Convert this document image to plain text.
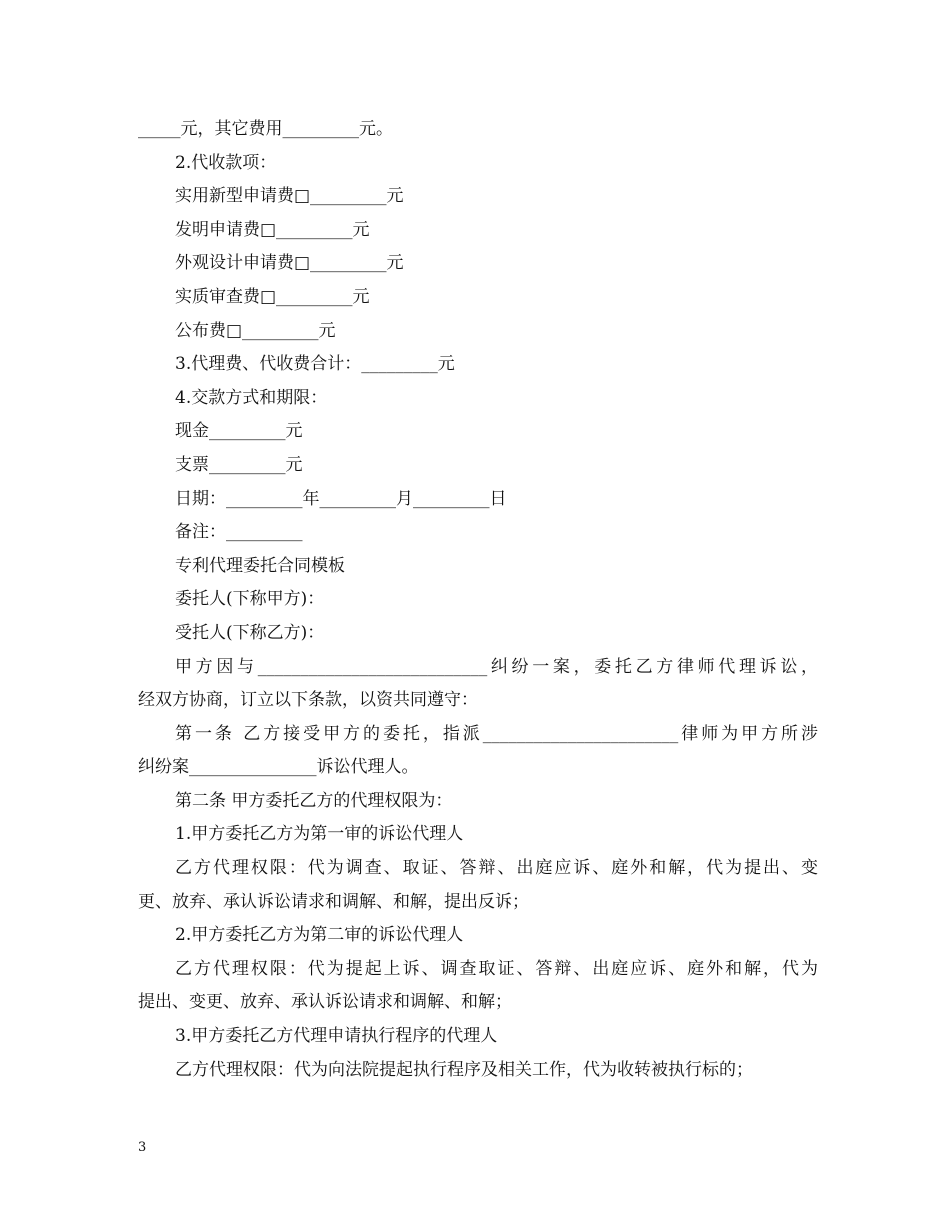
_____元，其它费用_________元。
2.代收款项：
实用新型申请费□_________元
发明申请费□_________元
外观设计申请费□_________元
实质审查费□_________元
公布费□_________元
3.代理费、代收费合计：_________元
4.交款方式和期限：
现金_________元
支票_________元
日期：_________年_________月_________日
备注：_________
专利代理委托合同模板
委托人(下称甲方)：
受托人(下称乙方)：
甲方因与___________________________纠纷一案，委托乙方律师代理诉讼，
经双方协商，订立以下条款，以资共同遵守：
第一条 乙方接受甲方的委托，指派_______________________律师为甲方所涉
纠纷案_______________诉讼代理人。
第二条 甲方委托乙方的代理权限为：
1.甲方委托乙方为第一审的诉讼代理人
乙方代理权限：代为调查、取证、答辩、出庭应诉、庭外和解，代为提出、变
更、放弃、承认诉讼请求和调解、和解，提出反诉；
2.甲方委托乙方为第二审的诉讼代理人
乙方代理权限：代为提起上诉、调查取证、答辩、出庭应诉、庭外和解，代为
提出、变更、放弃、承认诉讼请求和调解、和解；
3.甲方委托乙方代理申请执行程序的代理人
乙方代理权限：代为向法院提起执行程序及相关工作，代为收转被执行标的；
3
